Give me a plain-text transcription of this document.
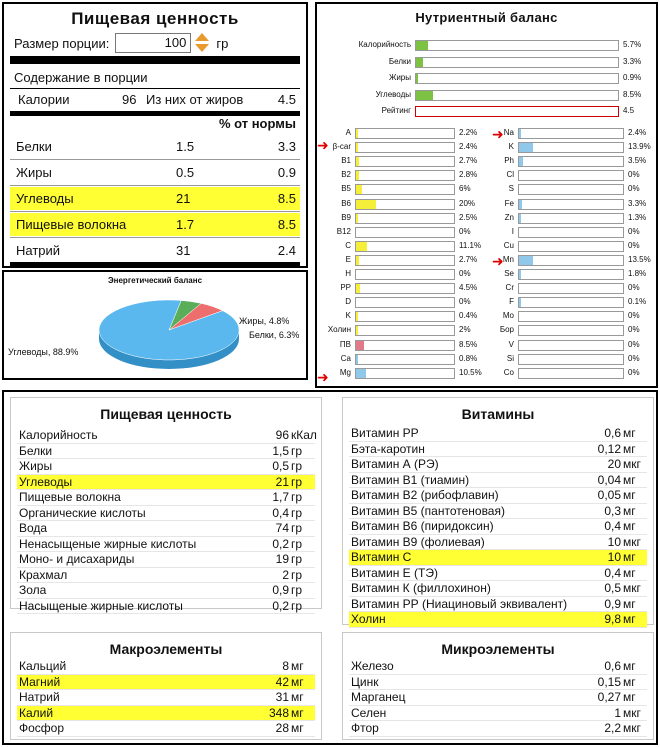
Пищевая ценность
Размер порции:	100	гр
Содержание в порции
Калории	96 Из них от жиров	4.5
% от нормы
Белки	1.5	3.3
Жиры	0.5	0.9
Углеводы	21	8.5
Пищевые волокна	1.7	8.5
Натрий	31	2.4
Энергетический баланс
Углеводы, 88.9%
Жиры, 4.8%
Белки, 6.3%
Нутриентный баланс
➜
➜
➜
➜
Калорийность	5.7%
Белки	3.3%
Жиры	0.9%
Углеводы	8.5%
Рейтинг	4.5
A	2.2%
β-car	2.4%
B1	2.7%
B2	2.8%
B5	6%
B6	20%
B9	2.5%
B12	0%
C	11.1%
E	2.7%
H	0%
PP	4.5%
D	0%
K	0.4%
Холин	2%
ПВ	8.5%
Ca	0.8%
Mg	10.5%
Na	2.4%
K	13.9%
Ph	3.5%
Cl	0%
S	0%
Fe	3.3%
Zn	1.3%
I	0%
Cu	0%
Mn	13.5%
Se	1.8%
Cr	0%
F	0.1%
Mo	0%
Бор	0%
V	0%
Si	0%
Co	0%
Пищевая ценность
Калорийность	96 кКал
Белки	1,5 гр
Жиры	0,5 гр
Углеводы	21 гр
Пищевые волокна	1,7 гр
Органические кислоты	0,4 гр
Вода	74 гр
Ненасыщеные жирные кислоты	0,2 гр
Моно- и дисахариды	19 гр
Крахмал	2 гр
Зола	0,9 гр
Насыщеные жирные кислоты	0,2 гр
Витамины
Витамин PP	0,6 мг
Бэта-каротин	0,12 мг
Витамин А (РЭ)	20 мкг
Витамин В1 (тиамин)	0,04 мг
Витамин В2 (рибофлавин)	0,05 мг
Витамин В5 (пантотеновая)	0,3 мг
Витамин В6 (пиридоксин)	0,4 мг
Витамин В9 (фолиевая)	10 мкг
Витамин C	10 мг
Витамин Е (ТЭ)	0,4 мг
Витамин К (филлохинон)	0,5 мкг
Витамин РР (Ниациновый эквивалент)	0,9 мг
Холин	9,8 мг
Макроэлементы
Кальций	8 мг
Магний	42 мг
Натрий	31 мг
Калий	348 мг
Фосфор	28 мг
Микроэлементы
Железо	0,6 мг
Цинк	0,15 мг
Марганец	0,27 мг
Селен	1 мкг
Фтор	2,2 мкг
